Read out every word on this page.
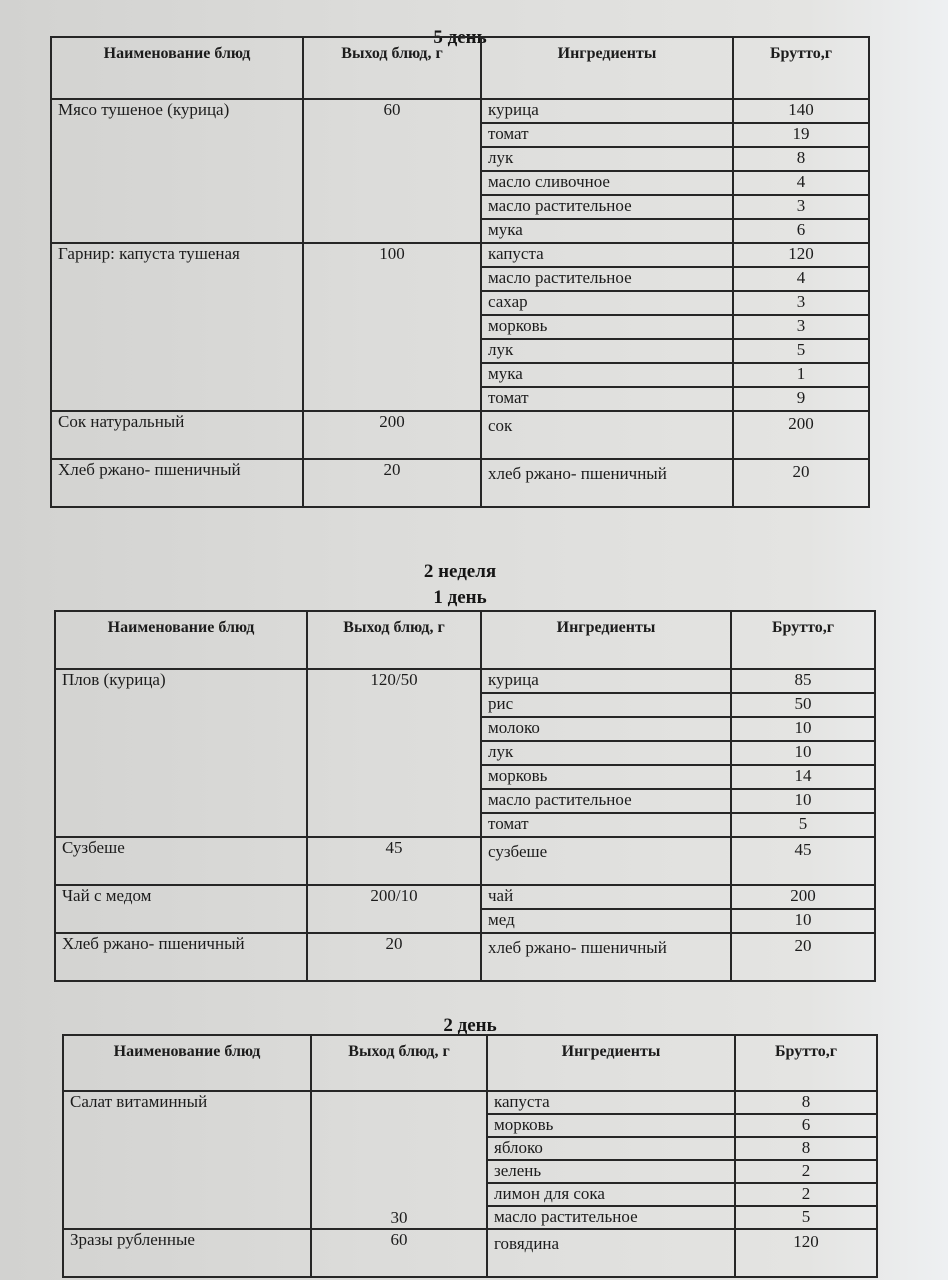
5 день
Наименование блюд	Выход блюд, г	Ингредиенты	Брутто,г
Мясо тушеное (курица)	60	курица	140
		томат	19
		лук	8
		масло сливочное	4
		масло растительное	3
		мука	6
Гарнир: капуста тушеная	100	капуста	120
		масло растительное	4
		сахар	3
		морковь	3
		лук	5
		мука	1
		томат	9
Сок натуральный	200	сок	200
Хлеб ржано- пшеничный	20	хлеб ржано- пшеничный	20
2 неделя
1 день
Наименование блюд	Выход блюд, г	Ингредиенты	Брутто,г
Плов (курица)	120/50	курица	85
		рис	50
		молоко	10
		лук	10
		морковь	14
		масло растительное	10
		томат	5
Сузбеше	45	сузбеше	45
Чай с медом	200/10	чай	200
		мед	10
Хлеб ржано- пшеничный	20	хлеб ржано- пшеничный	20
2 день
Наименование блюд	Выход блюд, г	Ингредиенты	Брутто,г
Салат витаминный	30	капуста	8
		морковь	6
		яблоко	8
		зелень	2
		лимон для сока	2
		масло растительное	5
Зразы рубленные	60	говядина	120
